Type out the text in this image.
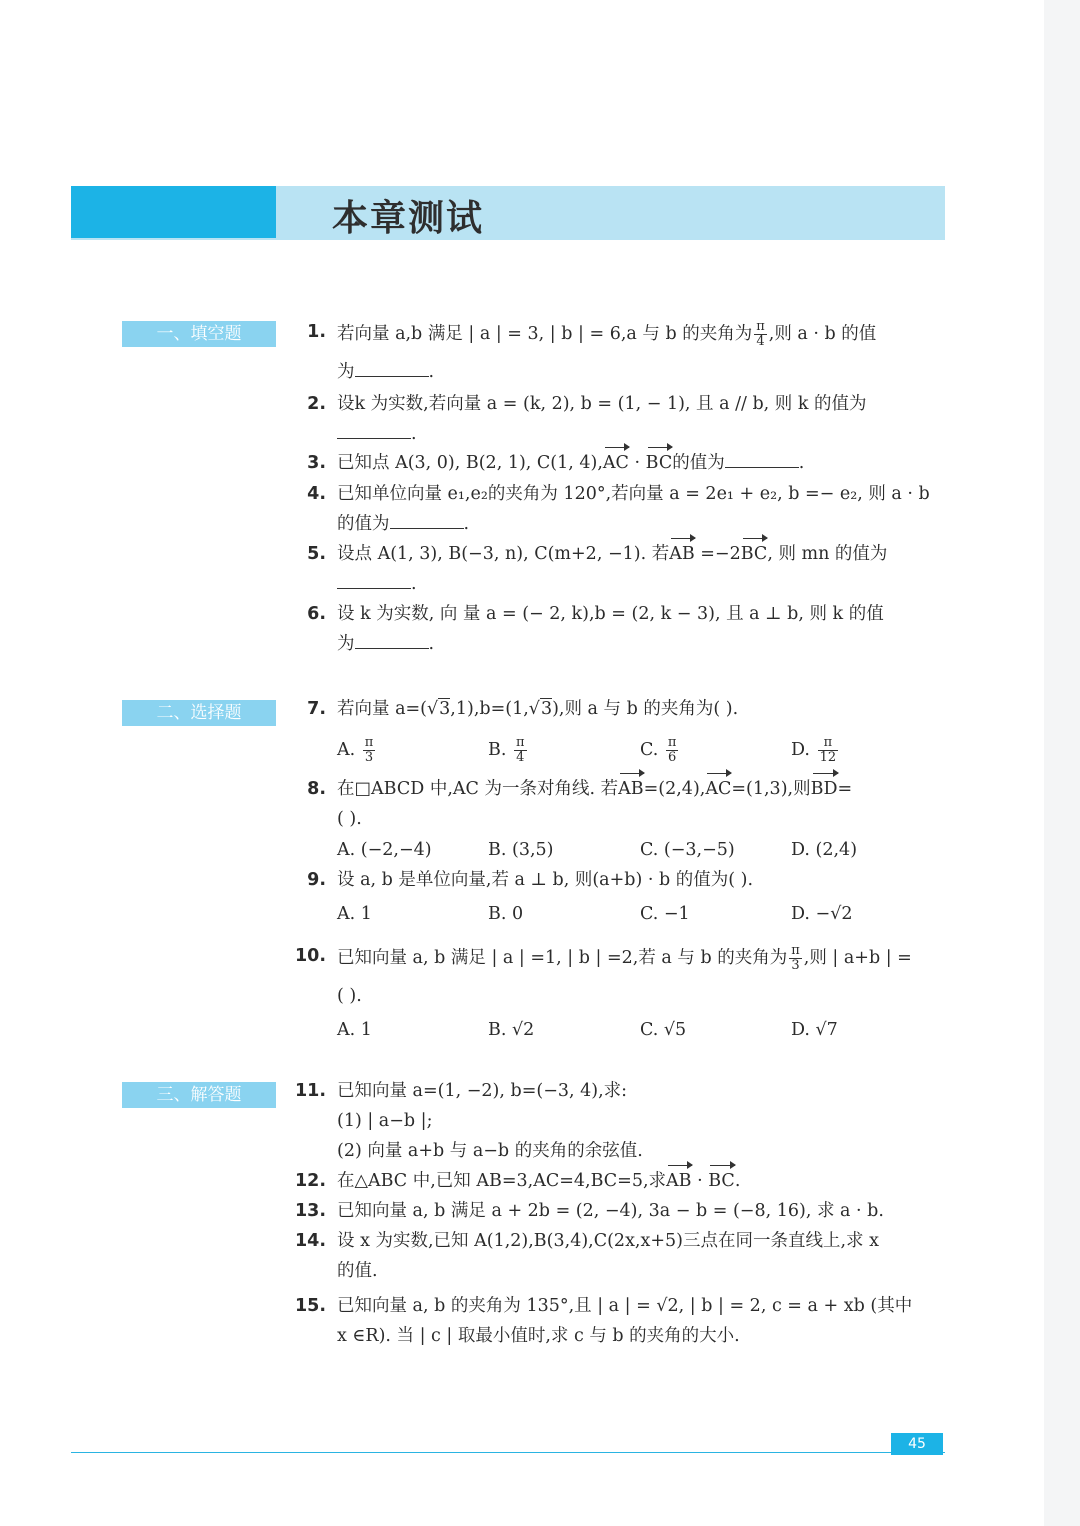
本章测试
一、填空题
二、选择题
三、解答题
1. 若向量 a,b 满足 | a | = 3, | b | = 6,a 与 b 的夹角为 $\frac{\pi}{4}$ ,则 a · b 的值
为	.
2. 设k 为实数,若向量 a = (k, 2), b = (1, − 1), 且 a // b, 则 k 的值为
.
3. 已知点 A(3, 0), B(2, 1), C(1, 4),AC · BC的值为	.
4. 已知单位向量 e₁,e₂的夹角为 120°,若向量 a = 2e₁ + e₂, b =− e₂, 则 a · b
的值为	.
5. 设点 A(1, 3), B(−3, n), C(m+2, −1). 若AB =−2BC, 则 mn 的值为
.
6. 设 k 为实数, 向 量 a = (− 2, k),b = (2, k − 3), 且 a ⊥ b, 则 k 的值
为	.
7. 若向量 a=(√3,1),b=(1,√3),则 a 与 b 的夹角为( ).
A. $\frac{\pi}{3}$	B. $\frac{\pi}{4}$	C. $\frac{\pi}{6}$	D. $\frac{\pi}{12}$
8. 在□ABCD 中,AC 为一条对角线. 若AB=(2,4),AC=(1,3),则BD=
( ).
A. (−2,−4)	B. (3,5)	C. (−3,−5)	D. (2,4)
9. 设 a, b 是单位向量,若 a ⊥ b, 则(a+b) · b 的值为( ).
A. 1	B. 0	C. −1	D. −√2
10. 已知向量 a, b 满足 | a | =1, | b | =2,若 a 与 b 的夹角为 $\frac{\pi}{3}$ ,则 | a+b | =
( ).
A. 1	B. √2	C. √5	D. √7
11. 已知向量 a=(1, −2), b=(−3, 4),求:
(1) | a−b |;
(2) 向量 a+b 与 a−b 的夹角的余弦值.
12. 在△ABC 中,已知 AB=3,AC=4,BC=5,求AB · BC.
13. 已知向量 a, b 满足 a + 2b = (2, −4), 3a − b = (−8, 16), 求 a · b.
14. 设 x 为实数,已知 A(1,2),B(3,4),C(2x,x+5)三点在同一条直线上,求 x
的值.
15. 已知向量 a, b 的夹角为 135°,且 | a | = √2, | b | = 2, c = a + xb (其中
x ∈R). 当 | c | 取最小值时,求 c 与 b 的夹角的大小.
45
